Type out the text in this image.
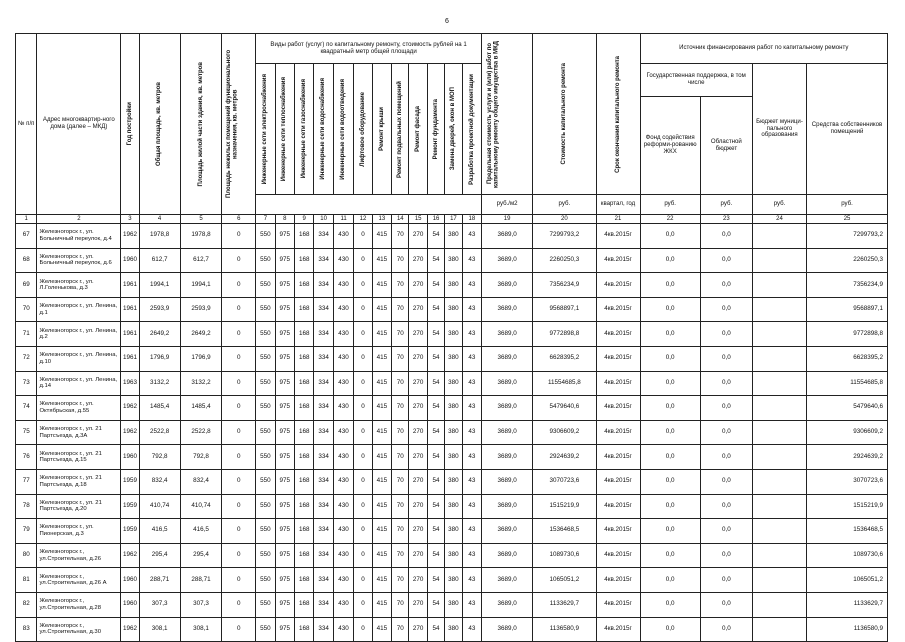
6
№ п/п	Адрес многоквартир-ного дома (далее – МКД)	Год постройки	Общая площадь, кв. метров	Площадь жилой части здания, кв. метров	Площадь нежилых помещений функционального назначения, кв. метров	Виды работ (услуг) по капитальному ремонту, стоимость рублей на 1 квадратный метр общей площади												Предельная стоимость услуги и (или) работ по капитальному ремонту общего имущества в МКД	Стоимость капитального ремонта	Срок окончания капитального ремонта	Источник финансирования работ по капитальному ремонту			

						Инженерные сети электроснабжения	Инженерные сети теплоснабжения	Инженерные сети газоснабжения	Инженерные сети водоснабжения	Инженерные сети водоотведения	Лифтовое оборудование	Ремонт крыши	Ремонт подвальных помещений	Ремонт фасада	Ремонт фундамента	Замена дверей, окон в МОП	Разработка проектной документации				Государственная поддержка, в том числе		Бюджет муници-пального образования	Средства собственников помещений
																					Фонд содействия реформи-рованию ЖКХ	Областной бюджет		
																		руб./м2	руб.	квартал, год	руб.	руб.	руб.	руб.
1	2	3	4	5	6	7	8	9	10	11	12	13	14	15	16	17	18	19	20	21	22	23	24	25
67	Железногорск г., ул. Больничный переулок, д.4	1962	1978,8	1978,8	0	550	975	168	334	430	0	415	70	270	54	380	43	3689,0	7299793,2	4кв.2015г	0,0	0,0		7299793,2
68	Железногорск г., ул. Больничный переулок, д.6	1960	612,7	612,7	0	550	975	168	334	430	0	415	70	270	54	380	43	3689,0	2260250,3	4кв.2015г	0,0	0,0		2260250,3
69	Железногорск г., ул. Л.Голенькова, д.3	1961	1994,1	1994,1	0	550	975	168	334	430	0	415	70	270	54	380	43	3689,0	7356234,9	4кв.2015г	0,0	0,0		7356234,9
70	Железногорск г., ул. Ленина, д.1	1961	2593,9	2593,9	0	550	975	168	334	430	0	415	70	270	54	380	43	3689,0	9568897,1	4кв.2015г	0,0	0,0		9568897,1
71	Железногорск г., ул. Ленина, д.2	1961	2649,2	2649,2	0	550	975	168	334	430	0	415	70	270	54	380	43	3689,0	9772898,8	4кв.2015г	0,0	0,0		9772898,8
72	Железногорск г., ул. Ленина, д.10	1961	1796,9	1796,9	0	550	975	168	334	430	0	415	70	270	54	380	43	3689,0	6628395,2	4кв.2015г	0,0	0,0		6628395,2
73	Железногорск г., ул. Ленина, д.14	1963	3132,2	3132,2	0	550	975	168	334	430	0	415	70	270	54	380	43	3689,0	11554685,8	4кв.2015г	0,0	0,0		11554685,8
74	Железногорск г., ул. Октябрьская, д.55	1962	1485,4	1485,4	0	550	975	168	334	430	0	415	70	270	54	380	43	3689,0	5479640,6	4кв.2015г	0,0	0,0		5479640,6
75	Железногорск г., ул. 21 Партсъезда, д.3А	1962	2522,8	2522,8	0	550	975	168	334	430	0	415	70	270	54	380	43	3689,0	9306609,2	4кв.2015г	0,0	0,0		9306609,2
76	Железногорск г., ул. 21 Партсъезда, д.15	1960	792,8	792,8	0	550	975	168	334	430	0	415	70	270	54	380	43	3689,0	2924639,2	4кв.2015г	0,0	0,0		2924639,2
77	Железногорск г., ул. 21 Партсъезда, д.18	1959	832,4	832,4	0	550	975	168	334	430	0	415	70	270	54	380	43	3689,0	3070723,6	4кв.2015г	0,0	0,0		3070723,6
78	Железногорск г., ул. 21 Партсъезда, д.20	1959	410,74	410,74	0	550	975	168	334	430	0	415	70	270	54	380	43	3689,0	1515219,9	4кв.2015г	0,0	0,0		1515219,9
79	Железногорск г., ул. Пионерская, д.3	1959	416,5	416,5	0	550	975	168	334	430	0	415	70	270	54	380	43	3689,0	1536468,5	4кв.2015г	0,0	0,0		1536468,5
80	Железногорск г., ул.Строительная, д.26	1962	295,4	295,4	0	550	975	168	334	430	0	415	70	270	54	380	43	3689,0	1089730,6	4кв.2015г	0,0	0,0		1089730,6
81	Железногорск г., ул.Строительная, д.26 А	1960	288,71	288,71	0	550	975	168	334	430	0	415	70	270	54	380	43	3689,0	1065051,2	4кв.2015г	0,0	0,0		1065051,2
82	Железногорск г., ул.Строительная, д.28	1960	307,3	307,3	0	550	975	168	334	430	0	415	70	270	54	380	43	3689,0	1133629,7	4кв.2015г	0,0	0,0		1133629,7
83	Железногорск г., ул.Строительная, д.30	1962	308,1	308,1	0	550	975	168	334	430	0	415	70	270	54	380	43	3689,0	1136580,9	4кв.2015г	0,0	0,0		1136580,9
